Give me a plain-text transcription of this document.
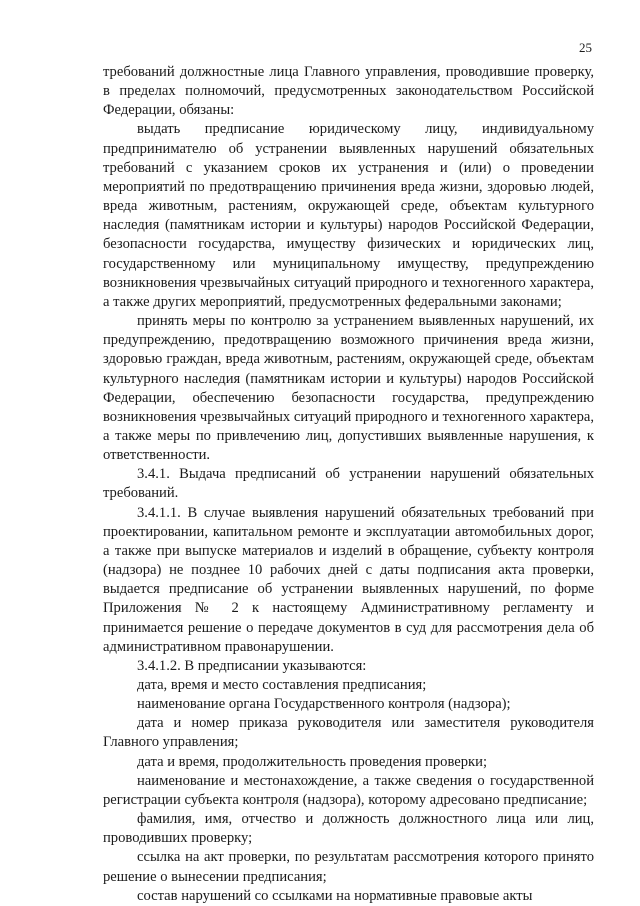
25

требований должностные лица Главного управления, проводившие проверку, в пределах полномочий, предусмотренных законодательством Российской Федерации, обязаны:

выдать предписание юридическому лицу, индивидуальному предпринимателю об устранении выявленных нарушений обязательных требований с указанием сроков их устранения и (или) о проведении мероприятий по предотвращению причинения вреда жизни, здоровью людей, вреда животным, растениям, окружающей среде, объектам культурного наследия (памятникам истории и культуры) народов Российской Федерации, безопасности государства, имуществу физических и юридических лиц, государственному или муниципальному имуществу, предупреждению возникновения чрезвычайных ситуаций природного и техногенного характера, а также других мероприятий, предусмотренных федеральными законами;

принять меры по контролю за устранением выявленных нарушений, их предупреждению, предотвращению возможного причинения вреда жизни, здоровью граждан, вреда животным, растениям, окружающей среде, объектам культурного наследия (памятникам истории и культуры) народов Российской Федерации, обеспечению безопасности государства, предупреждению возникновения чрезвычайных ситуаций природного и техногенного характера, а также меры по привлечению лиц, допустивших выявленные нарушения, к ответственности.

3.4.1. Выдача предписаний об устранении нарушений обязательных требований.

3.4.1.1. В случае выявления нарушений обязательных требований при проектировании, капитальном ремонте и эксплуатации автомобильных дорог, а также при выпуске материалов и изделий в обращение, субъекту контроля (надзора) не позднее 10 рабочих дней с даты подписания акта проверки, выдается предписание об устранении выявленных нарушений, по форме Приложения № 2 к настоящему Административному регламенту и принимается решение о передаче документов в суд для рассмотрения дела об административном правонарушении.

3.4.1.2. В предписании указываются:

дата, время и место составления предписания;

наименование органа Государственного контроля (надзора);

дата и номер приказа руководителя или заместителя руководителя Главного управления;

дата и время, продолжительность проведения проверки;

наименование и местонахождение, а также сведения о государственной регистрации субъекта контроля (надзора), которому адресовано предписание;

фамилия, имя, отчество и должность должностного лица или лиц, проводивших проверку;

ссылка на акт проверки, по результатам рассмотрения которого принято решение о вынесении предписания;

состав нарушений со ссылками на нормативные правовые акты
